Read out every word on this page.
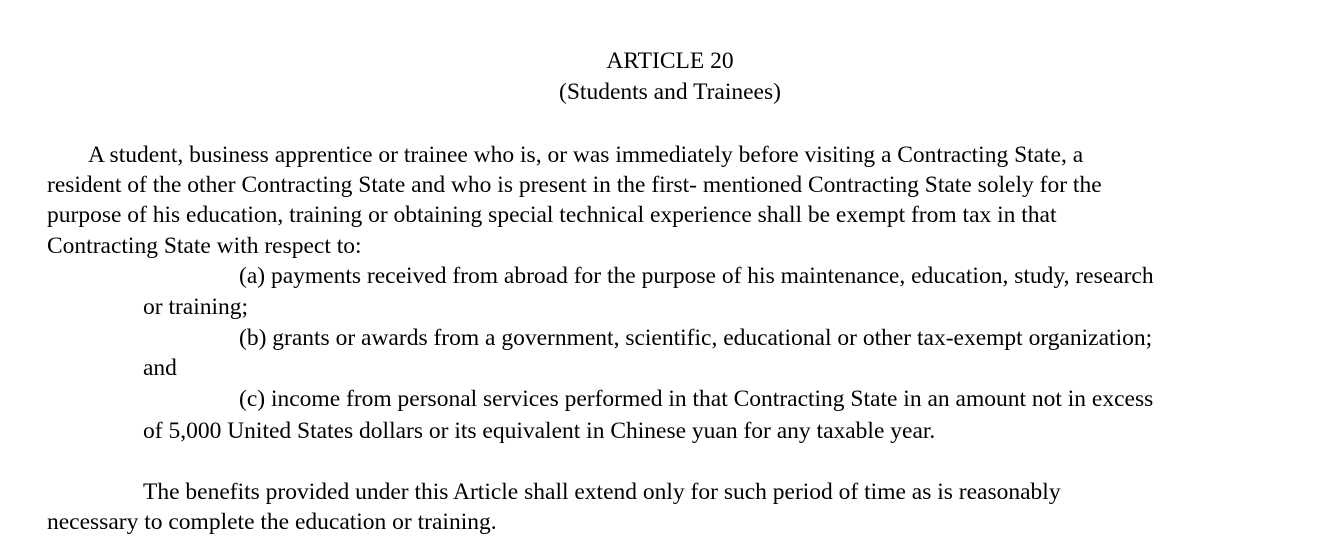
ARTICLE 20
(Students and Trainees)
A student, business apprentice or trainee who is, or was immediately before visiting a Contracting State, a
resident of the other Contracting State and who is present in the first- mentioned Contracting State solely for the
purpose of his education, training or obtaining special technical experience shall be exempt from tax in that
Contracting State with respect to:
(a) payments received from abroad for the purpose of his maintenance, education, study, research
or training;
(b) grants or awards from a government, scientific, educational or other tax-exempt organization;
and
(c) income from personal services performed in that Contracting State in an amount not in excess
of 5,000 United States dollars or its equivalent in Chinese yuan for any taxable year.
The benefits provided under this Article shall extend only for such period of time as is reasonably
necessary to complete the education or training.
